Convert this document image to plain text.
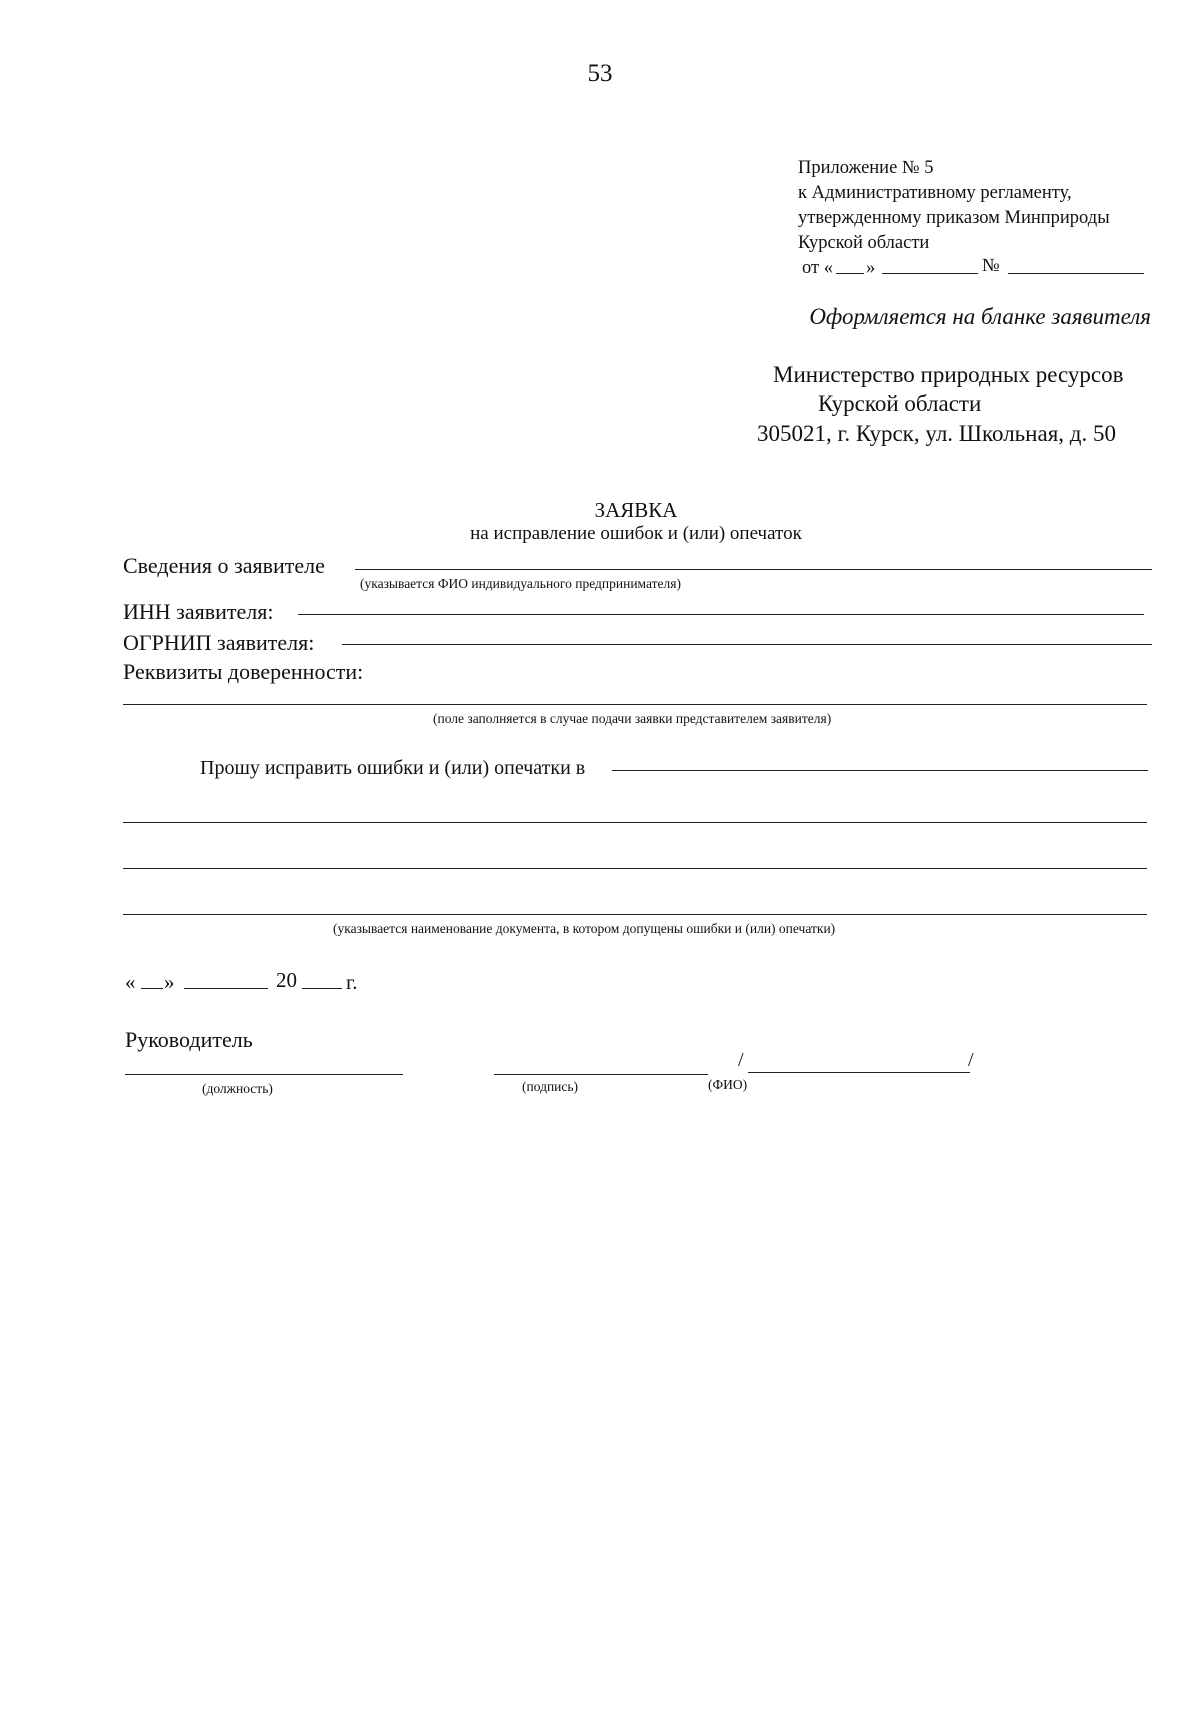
53
Приложение № 5
к Административному регламенту,
утвержденному приказом Минприроды
Курской области
от « »	№
Оформляется на бланке заявителя
Министерство природных ресурсов
Курской области
305021, г. Курск, ул. Школьная, д. 50
ЗАЯВКА
на исправление ошибок и (или) опечаток
Сведения о заявителе
(указывается ФИО индивидуального предпринимателя)
ИНН заявителя:
ОГРНИП заявителя:
Реквизиты доверенности:
(поле заполняется в случае подачи заявки представителем заявителя)
Прошу исправить ошибки и (или) опечатки в
(указывается наименование документа, в котором допущены ошибки и (или) опечатки)
« »	20 г.
Руководитель
(должность)	(подпись)
/	/
(ФИО)
